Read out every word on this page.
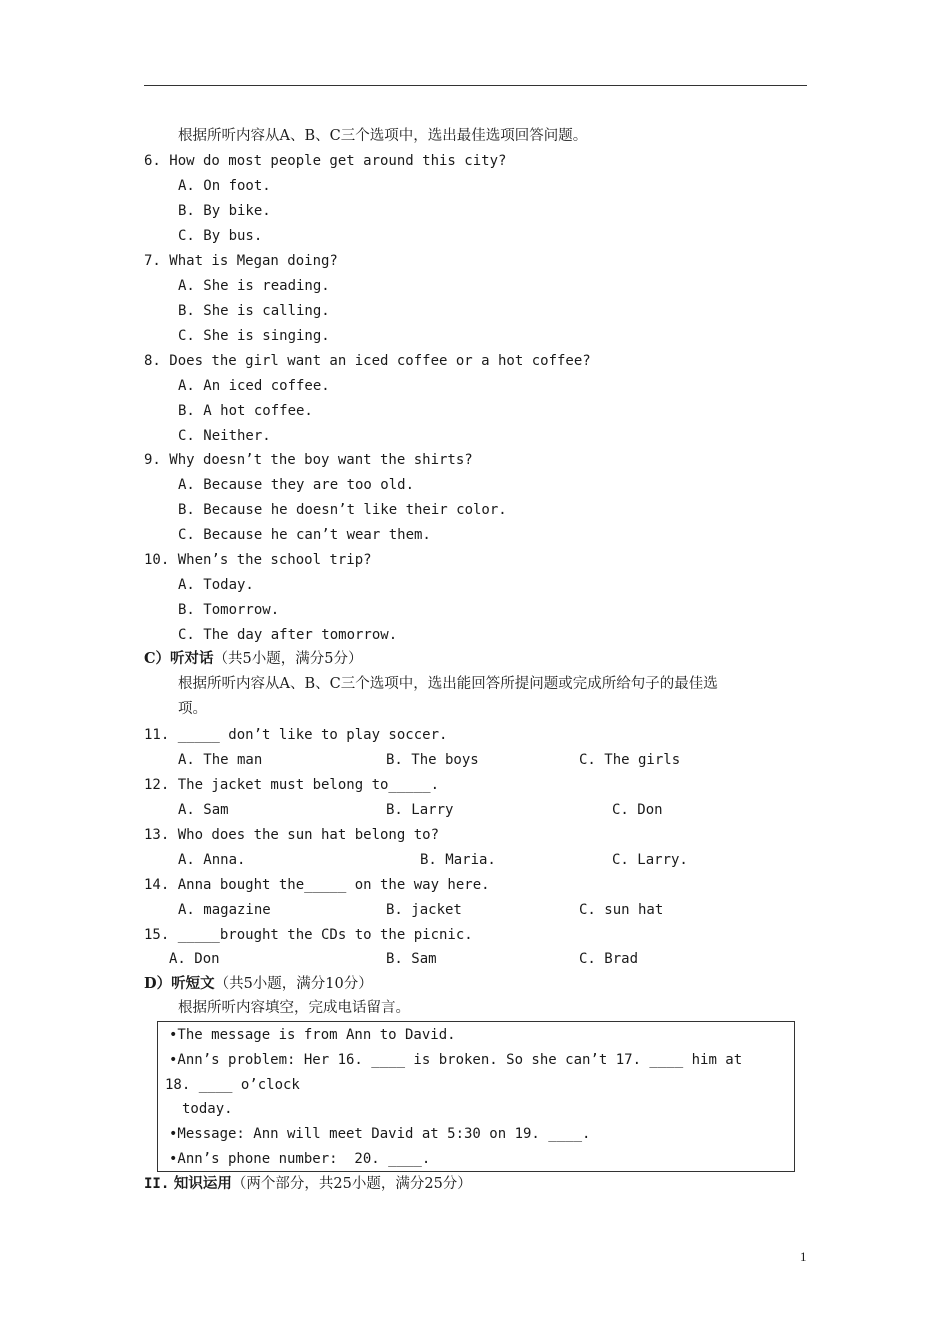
根据所听内容从A、B、C三个选项中，选出最佳选项回答问题。
6. How do most people get around this city?
A. On foot.
B. By bike.
C. By bus.
7. What is Megan doing?
A. She is reading.
B. She is calling.
C. She is singing.
8. Does the girl want an iced coffee or a hot coffee?
A. An iced coffee.
B. A hot coffee.
C. Neither.
9. Why doesn’t the boy want the shirts?
A. Because they are too old.
B. Because he doesn’t like their color.
C. Because he can’t wear them.
10. When’s the school trip?
A. Today.
B. Tomorrow.
C. The day after tomorrow.
C）听对话（共5小题，满分5分）
根据所听内容从A、B、C三个选项中，选出能回答所提问题或完成所给句子的最佳选
项。
11. _____ don’t like to play soccer.
A. The man	B. The boys	C. The girls
12. The jacket must belong to_____.
A. Sam	B. Larry	C. Don
13. Who does the sun hat belong to?
A. Anna.	B. Maria.	C. Larry.
14. Anna bought the_____ on the way here.
A. magazine	B. jacket	C. sun hat
15. _____brought the CDs to the picnic.
A. Don	B. Sam	C. Brad
D）听短文（共5小题，满分10分）
根据所听内容填空，完成电话留言。
•The message is from Ann to David.
•Ann’s problem: Her 16. ____ is broken. So she can’t 17. ____ him at
18. ____ o’clock
today.
•Message: Ann will meet David at 5:30 on 19. ____.
•Ann’s phone number:  20. ____.
II. 知识运用（两个部分，共25小题，满分25分）
1
